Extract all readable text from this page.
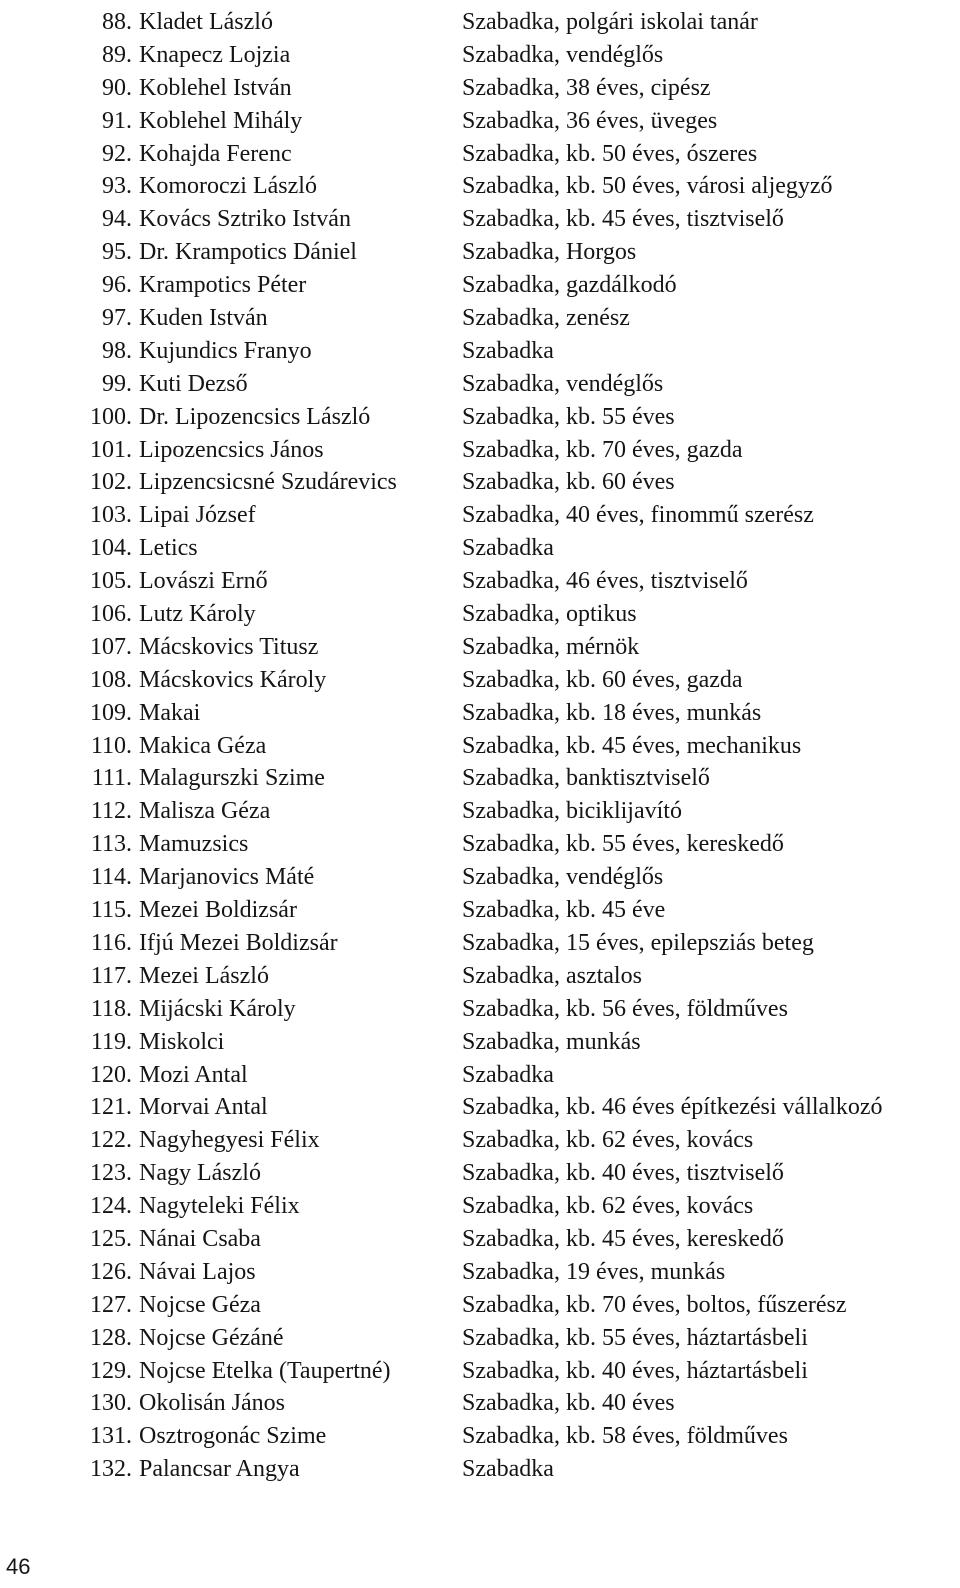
88. Kladet László	Szabadka, polgári iskolai tanár
89. Knapecz Lojzia	Szabadka, vendéglős
90. Koblehel István	Szabadka, 38 éves, cipész
91. Koblehel Mihály	Szabadka, 36 éves, üveges
92. Kohajda Ferenc	Szabadka, kb. 50 éves, ószeres
93. Komoroczi László	Szabadka, kb. 50 éves, városi aljegyző
94. Kovács Sztriko István	Szabadka, kb. 45 éves, tisztviselő
95. Dr. Krampotics Dániel	Szabadka, Horgos
96. Krampotics Péter	Szabadka, gazdálkodó
97. Kuden István	Szabadka, zenész
98. Kujundics Franyo	Szabadka
99. Kuti Dezső	Szabadka, vendéglős
100. Dr. Lipozencsics László	Szabadka, kb. 55 éves
101. Lipozencsics János	Szabadka, kb. 70 éves, gazda
102. Lipzencsicsné Szudárevics	Szabadka, kb. 60 éves
103. Lipai József	Szabadka, 40 éves, finommű szerész
104. Letics	Szabadka
105. Lovászi Ernő	Szabadka, 46 éves, tisztviselő
106. Lutz Károly	Szabadka, optikus
107. Mácskovics Titusz	Szabadka, mérnök
108. Mácskovics Károly	Szabadka, kb. 60 éves, gazda
109. Makai	Szabadka, kb. 18 éves, munkás
110. Makica Géza	Szabadka, kb. 45 éves, mechanikus
111. Malagurszki Szime	Szabadka, banktisztviselő
112. Malisza Géza	Szabadka, biciklijavító
113. Mamuzsics	Szabadka, kb. 55 éves, kereskedő
114. Marjanovics Máté	Szabadka, vendéglős
115. Mezei Boldizsár	Szabadka, kb. 45 éve
116. Ifjú Mezei Boldizsár	Szabadka, 15 éves, epilepsziás beteg
117. Mezei László	Szabadka, asztalos
118. Mijácski Károly	Szabadka, kb. 56 éves, földműves
119. Miskolci	Szabadka, munkás
120. Mozi Antal	Szabadka
121. Morvai Antal	Szabadka, kb. 46 éves építkezési vállalkozó
122. Nagyhegyesi Félix	Szabadka, kb. 62 éves, kovács
123. Nagy László	Szabadka, kb. 40 éves, tisztviselő
124. Nagyteleki Félix	Szabadka, kb. 62 éves, kovács
125. Nánai Csaba	Szabadka, kb. 45 éves, kereskedő
126. Návai Lajos	Szabadka, 19 éves, munkás
127. Nojcse Géza	Szabadka, kb. 70 éves, boltos, fűszerész
128. Nojcse Gézáné	Szabadka, kb. 55 éves, háztartásbeli
129. Nojcse Etelka (Taupertné)	Szabadka, kb. 40 éves, háztartásbeli
130. Okolisán János	Szabadka, kb. 40 éves
131. Osztrogonác Szime	Szabadka, kb. 58 éves, földműves
132. Palancsar Angya	Szabadka
46
